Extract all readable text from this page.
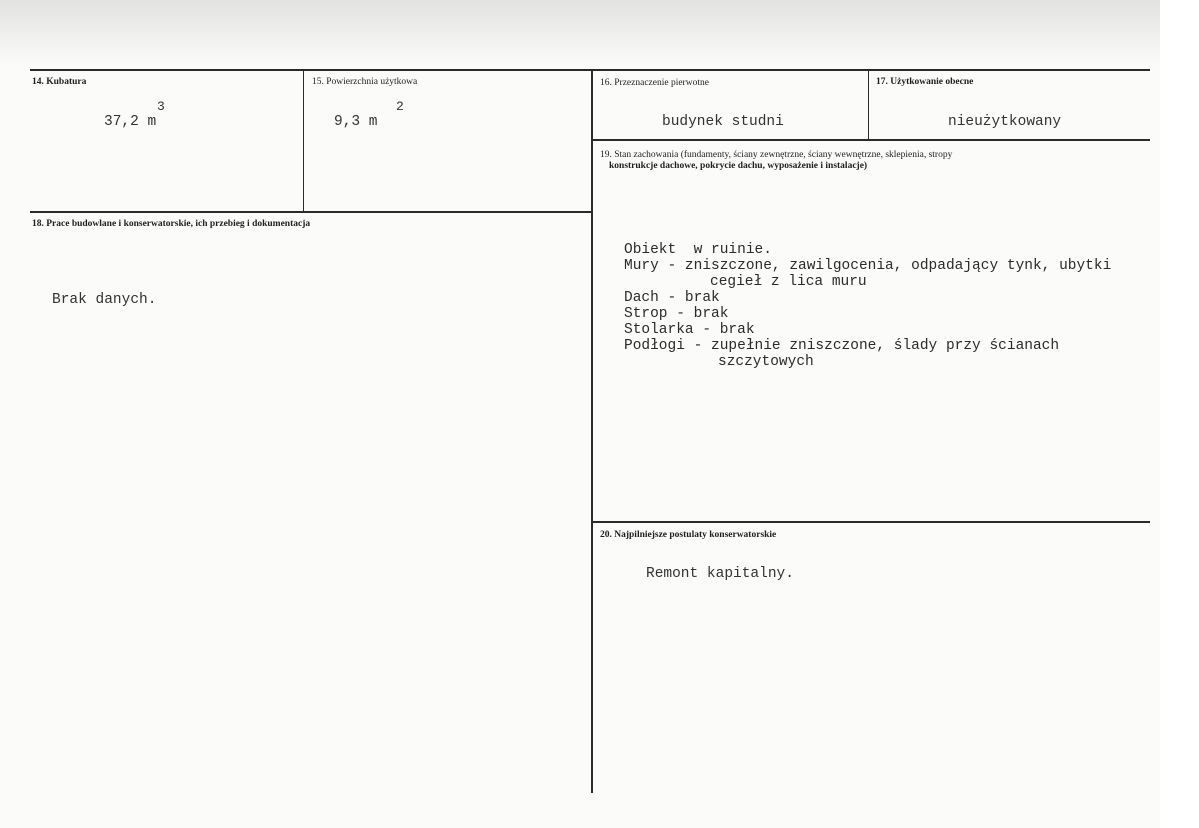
14. Kubatura
3
37,2 m
15. Powierzchnia użytkowa
2
9,3 m
16. Przeznaczenie pierwotne
budynek studni
17. Użytkowanie obecne
nieużytkowany
18. Prace budowlane i konserwatorskie, ich przebieg i dokumentacja
Brak danych.
19. Stan zachowania (fundamenty, ściany zewnętrzne, ściany wewnętrzne, sklepienia, stropy
konstrukcje dachowe, pokrycie dachu, wyposażenie i instalacje)
Obiekt  w ruinie.
Mury - zniszczone, zawilgocenia, odpadający tynk, ubytki
cegieł z lica muru
Dach - brak
Strop - brak
Stolarka - brak
Podłogi - zupełnie zniszczone, ślady przy ścianach
szczytowych
20. Najpilniejsze postulaty konserwatorskie
Remont kapitalny.
